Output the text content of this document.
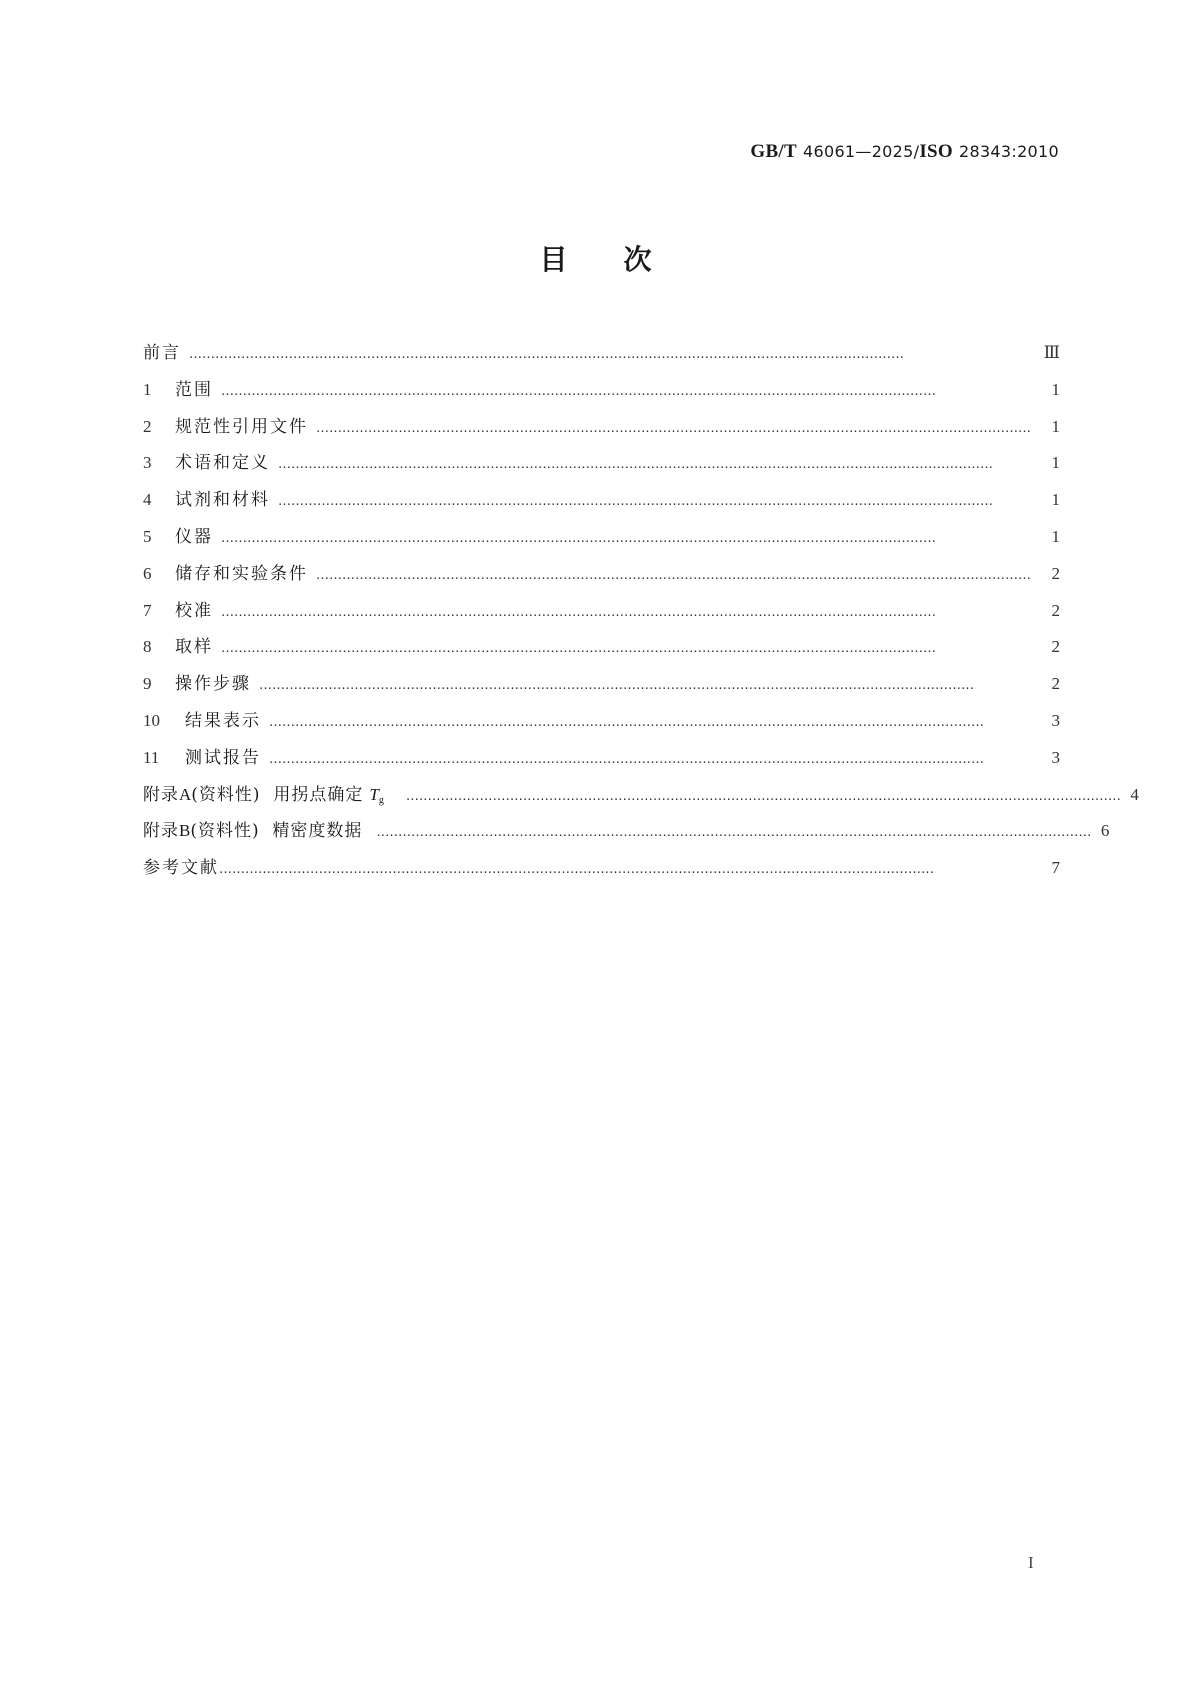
GB/T 46061—2025/ISO 28343:2010
目次
前言 …………………………………………………………………………………………………………………………………………………	Ⅲ
1	范围 …………………………………………………………………………………………………………………………………………………	1
2	规范性引用文件 …………………………………………………………………………………………………………………………………………………	1
3	术语和定义 …………………………………………………………………………………………………………………………………………………	1
4	试剂和材料 …………………………………………………………………………………………………………………………………………………	1
5	仪器 …………………………………………………………………………………………………………………………………………………	1
6	储存和实验条件 …………………………………………………………………………………………………………………………………………………	2
7	校准 …………………………………………………………………………………………………………………………………………………	2
8	取样 …………………………………………………………………………………………………………………………………………………	2
9	操作步骤 …………………………………………………………………………………………………………………………………………………	2
10	结果表示 …………………………………………………………………………………………………………………………………………………	3
11	测试报告 …………………………………………………………………………………………………………………………………………………	3
附录A(资料性) 用拐点确定 $T_g$ ………………………………………………………………………………………………………………………………………………… 4
附录B(资料性) 精密度数据 ………………………………………………………………………………………………………………………………………………… 6
参考文献 …………………………………………………………………………………………………………………………………………………	7
I
